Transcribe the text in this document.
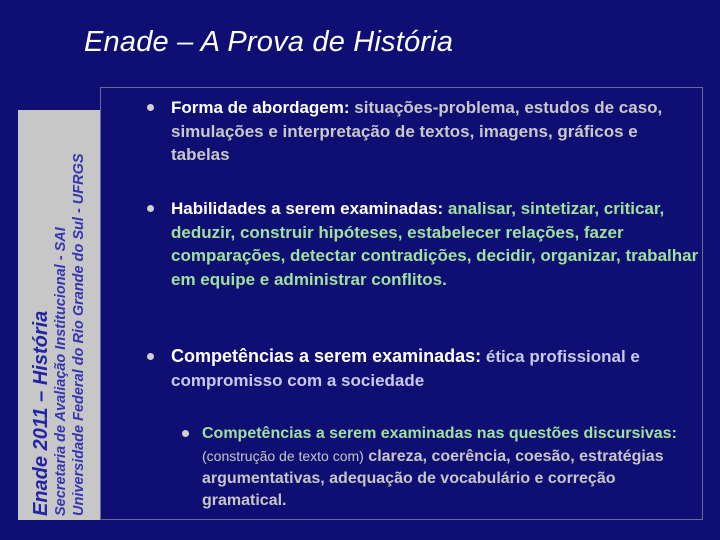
Enade – A Prova de História
Enade 2011 – História Secretaria de Avaliação Institucional - SAI Universidade Federal do Rio Grande do Sul - UFRGS
Forma de abordagem: situações-problema, estudos de caso, simulações e interpretação de textos, imagens, gráficos e tabelas
Habilidades a serem examinadas: analisar, sintetizar, criticar, deduzir, construir hipóteses, estabelecer relações, fazer comparações, detectar contradições, decidir, organizar, trabalhar em equipe e administrar conflitos.
Competências a serem examinadas: ética profissional e compromisso com a sociedade
Competências a serem examinadas nas questões discursivas: (construção de texto com) clareza, coerência, coesão, estratégias argumentativas, adequação de vocabulário e correção gramatical.
